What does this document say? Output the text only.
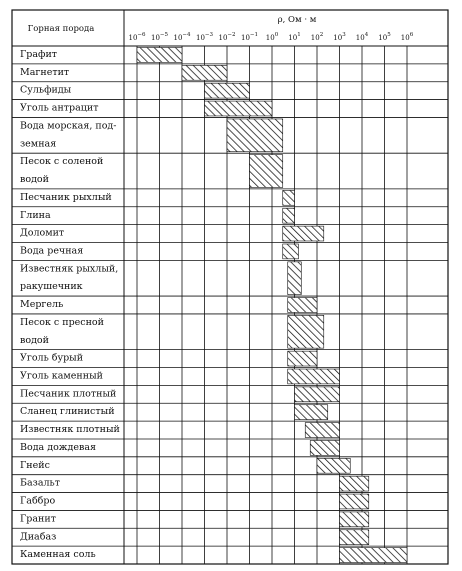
Горная порода
ρ, Ом · м
$10^{-6}$ $10^{-5}$ $10^{-4}$ $10^{-3}$ $10^{-2}$ $10^{-1}$ $10^0$ $10^1$ $10^2$ $10^3$ $10^4$ $10^5$ $10^6$
Графит
Магнетит
Сульфиды
Уголь антрацит
Вода морская, под-земная
Песок с соленой водой
Песчаник рыхлый
Глина
Доломит
Вода речная
Известняк рыхлый, ракушечник
Мергель
Песок с пресной водой
Уголь бурый
Уголь каменный
Песчаник плотный
Сланец глинистый
Известняк плотный
Вода дождевая
Гнейс
Базальт
Габбро
Гранит
Диабаз
Каменная соль
